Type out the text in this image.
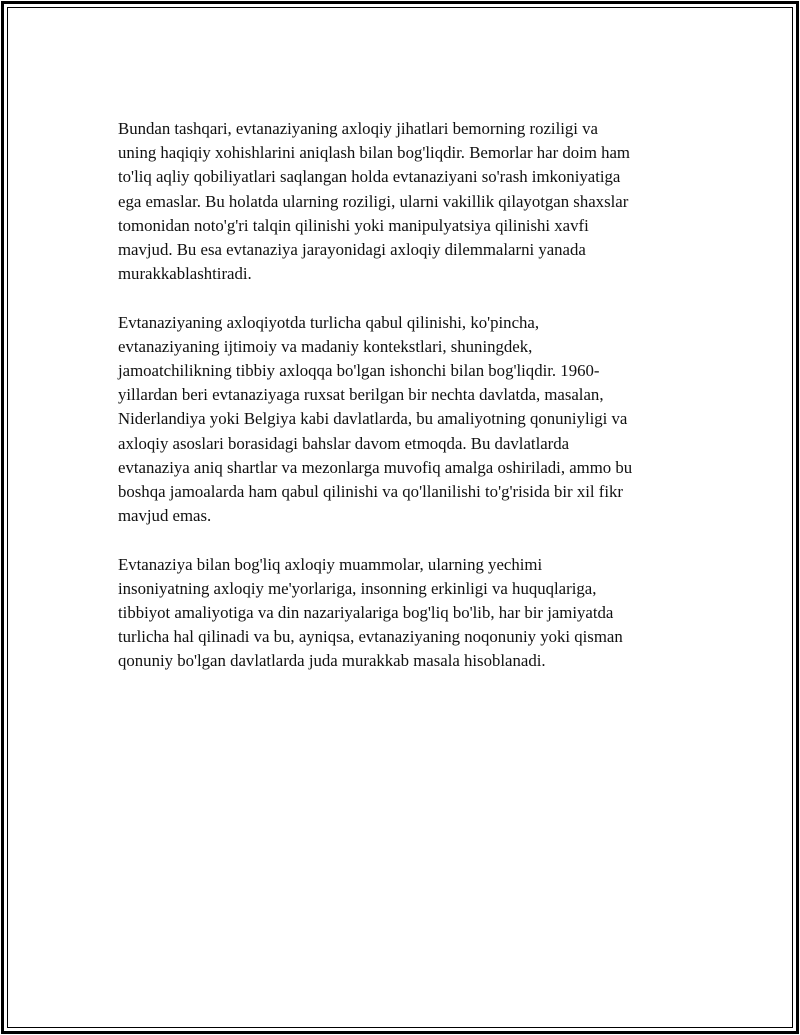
Bundan tashqari, evtanaziyaning axloqiy jihatlari bemorning roziligi va
uning haqiqiy xohishlarini aniqlash bilan bog'liqdir. Bemorlar har doim ham
to'liq aqliy qobiliyatlari saqlangan holda evtanaziyani so'rash imkoniyatiga
ega emaslar. Bu holatda ularning roziligi, ularni vakillik qilayotgan shaxslar
tomonidan noto'g'ri talqin qilinishi yoki manipulyatsiya qilinishi xavfi
mavjud. Bu esa evtanaziya jarayonidagi axloqiy dilemmalarni yanada
murakkablashtiradi.

Evtanaziyaning axloqiyotda turlicha qabul qilinishi, ko'pincha,
evtanaziyaning ijtimoiy va madaniy kontekstlari, shuningdek,
jamoatchilikning tibbiy axloqqa bo'lgan ishonchi bilan bog'liqdir. 1960-
yillardan beri evtanaziyaga ruxsat berilgan bir nechta davlatda, masalan,
Niderlandiya yoki Belgiya kabi davlatlarda, bu amaliyotning qonuniyligi va
axloqiy asoslari borasidagi bahslar davom etmoqda. Bu davlatlarda
evtanaziya aniq shartlar va mezonlarga muvofiq amalga oshiriladi, ammo bu
boshqa jamoalarda ham qabul qilinishi va qo'llanilishi to'g'risida bir xil fikr
mavjud emas.

Evtanaziya bilan bog'liq axloqiy muammolar, ularning yechimi
insoniyatning axloqiy me'yorlariga, insonning erkinligi va huquqlariga,
tibbiyot amaliyotiga va din nazariyalariga bog'liq bo'lib, har bir jamiyatda
turlicha hal qilinadi va bu, ayniqsa, evtanaziyaning noqonuniy yoki qisman
qonuniy bo'lgan davlatlarda juda murakkab masala hisoblanadi.
